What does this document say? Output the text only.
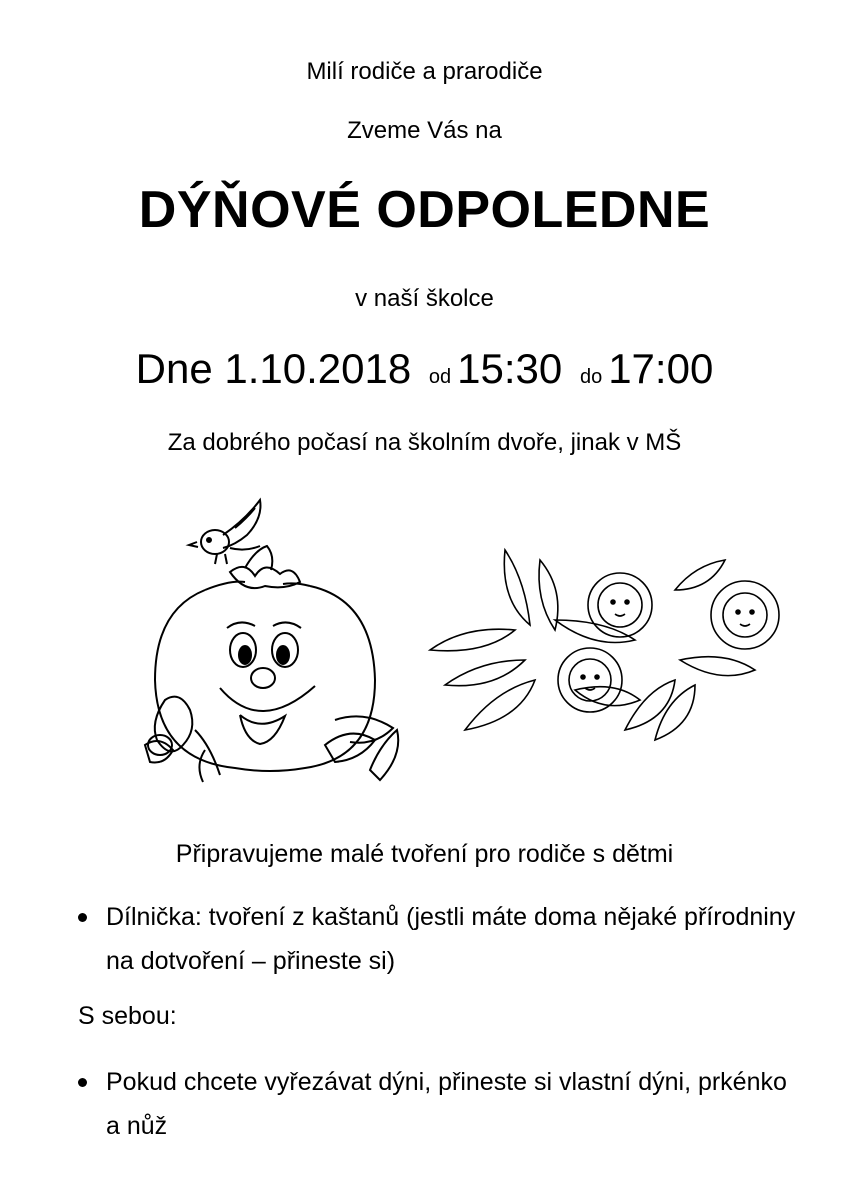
Milí rodiče a prarodiče
Zveme Vás na
DÝŇOVÉ ODPOLEDNE
v naší školce
Dne 1.10.2018 od 15:30 do 17:00
Za dobrého počasí na školním dvoře, jinak v MŠ
Připravujeme malé tvoření pro rodiče s dětmi
Dílnička: tvoření z kaštanů (jestli máte doma nějaké přírodniny na dotvoření – přineste si)
S sebou:
Pokud chcete vyřezávat dýni, přineste si vlastní dýni, prkénko a nůž
